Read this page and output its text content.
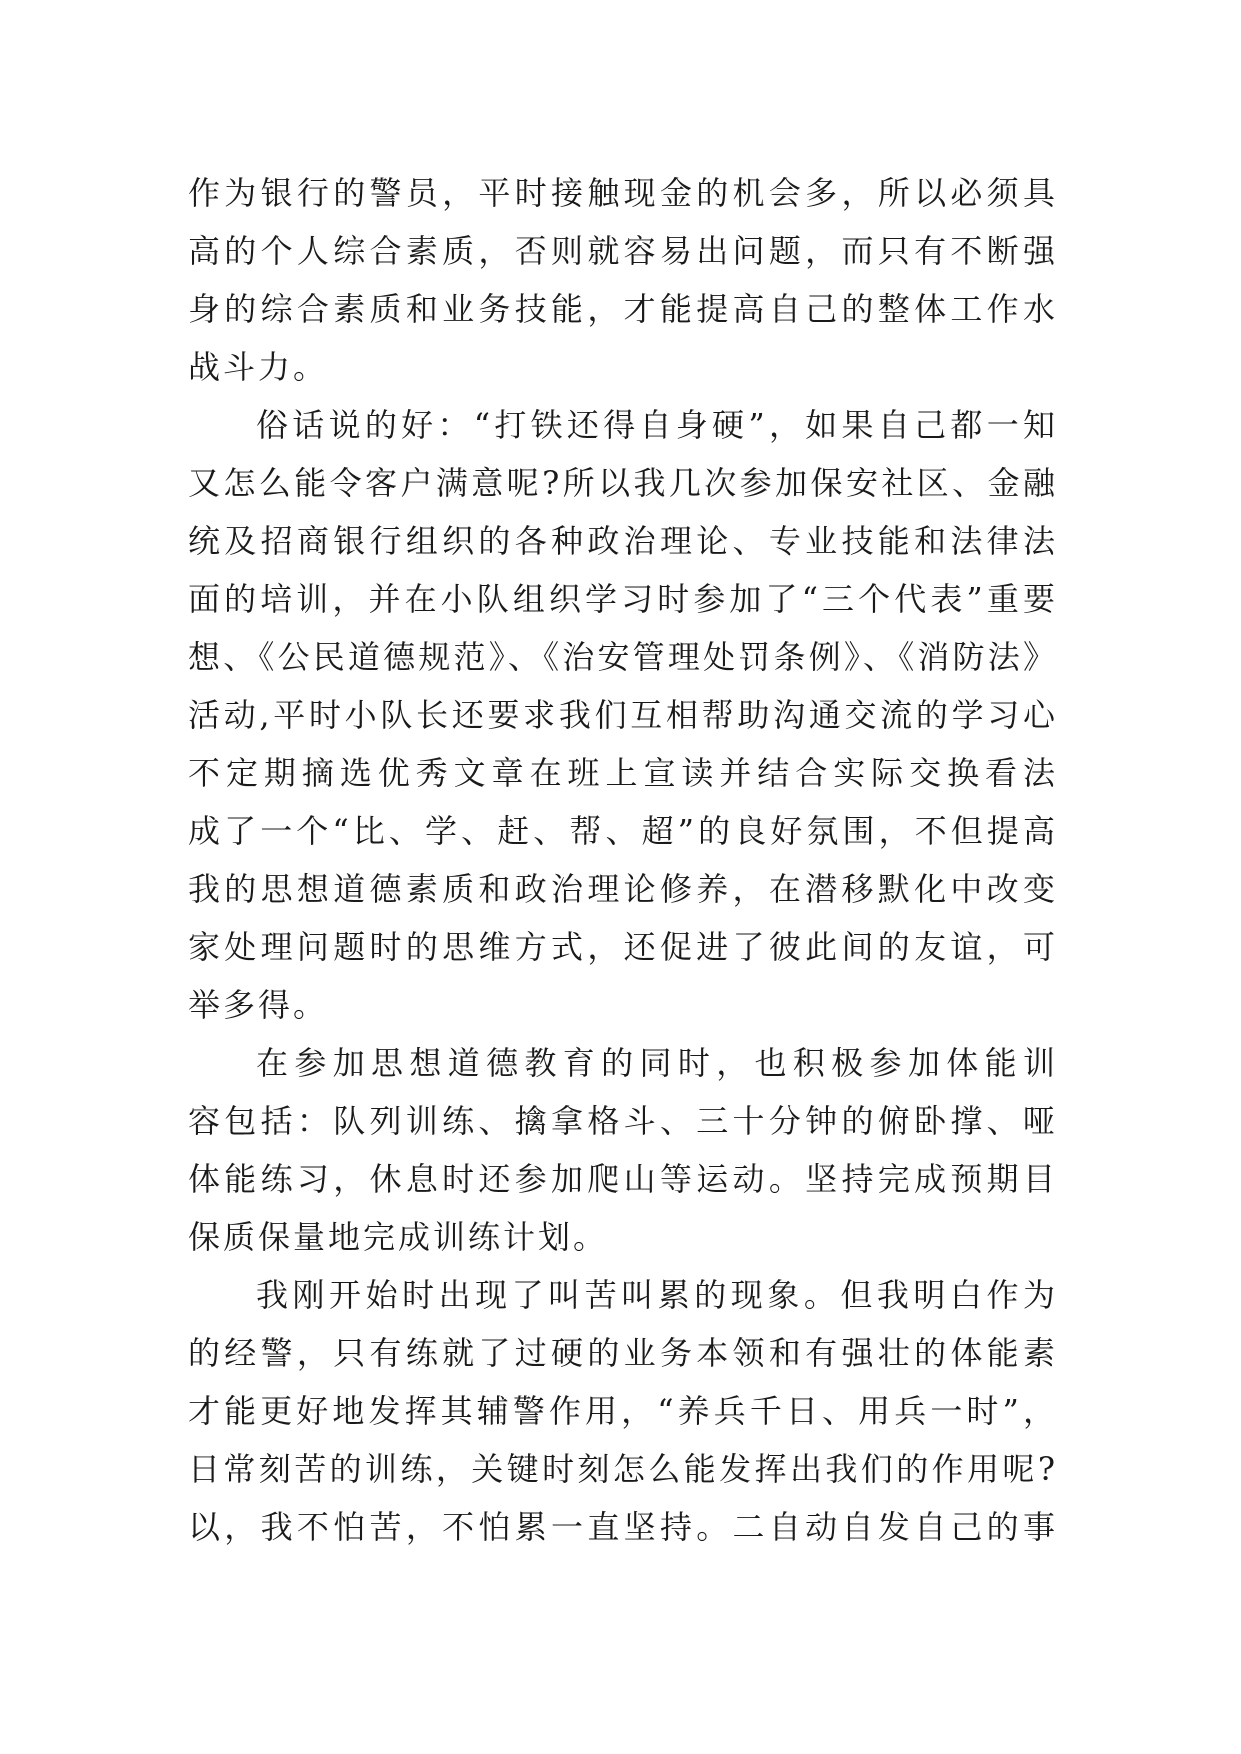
作为银行的警员，平时接触现金的机会多，所以必须具
高的个人综合素质，否则就容易出问题，而只有不断强
身的综合素质和业务技能，才能提高自己的整体工作水
战斗力。
俗话说的好：“打铁还得自身硬”，如果自己都一知
又怎么能令客户满意呢?所以我几次参加保安社区、金融
统及招商银行组织的各种政治理论、专业技能和法律法
面的培训，并在小队组织学习时参加了“三个代表”重要
想、《公民道德规范》、《治安管理处罚条例》、《消防法》
活动,平时小队长还要求我们互相帮助沟通交流的学习心
不定期摘选优秀文章在班上宣读并结合实际交换看法
成了一个“比、学、赶、帮、超”的良好氛围，不但提高
我的思想道德素质和政治理论修养，在潜移默化中改变
家处理问题时的思维方式，还促进了彼此间的友谊，可
举多得。
在参加思想道德教育的同时，也积极参加体能训
容包括：队列训练、擒拿格斗、三十分钟的俯卧撑、哑
体能练习，休息时还参加爬山等运动。坚持完成预期目
保质保量地完成训练计划。
我刚开始时出现了叫苦叫累的现象。但我明白作为
的经警，只有练就了过硬的业务本领和有强壮的体能素
才能更好地发挥其辅警作用，“养兵千日、用兵一时”，
日常刻苦的训练，关键时刻怎么能发挥出我们的作用呢?
以，我不怕苦，不怕累一直坚持。二自动自发自己的事
